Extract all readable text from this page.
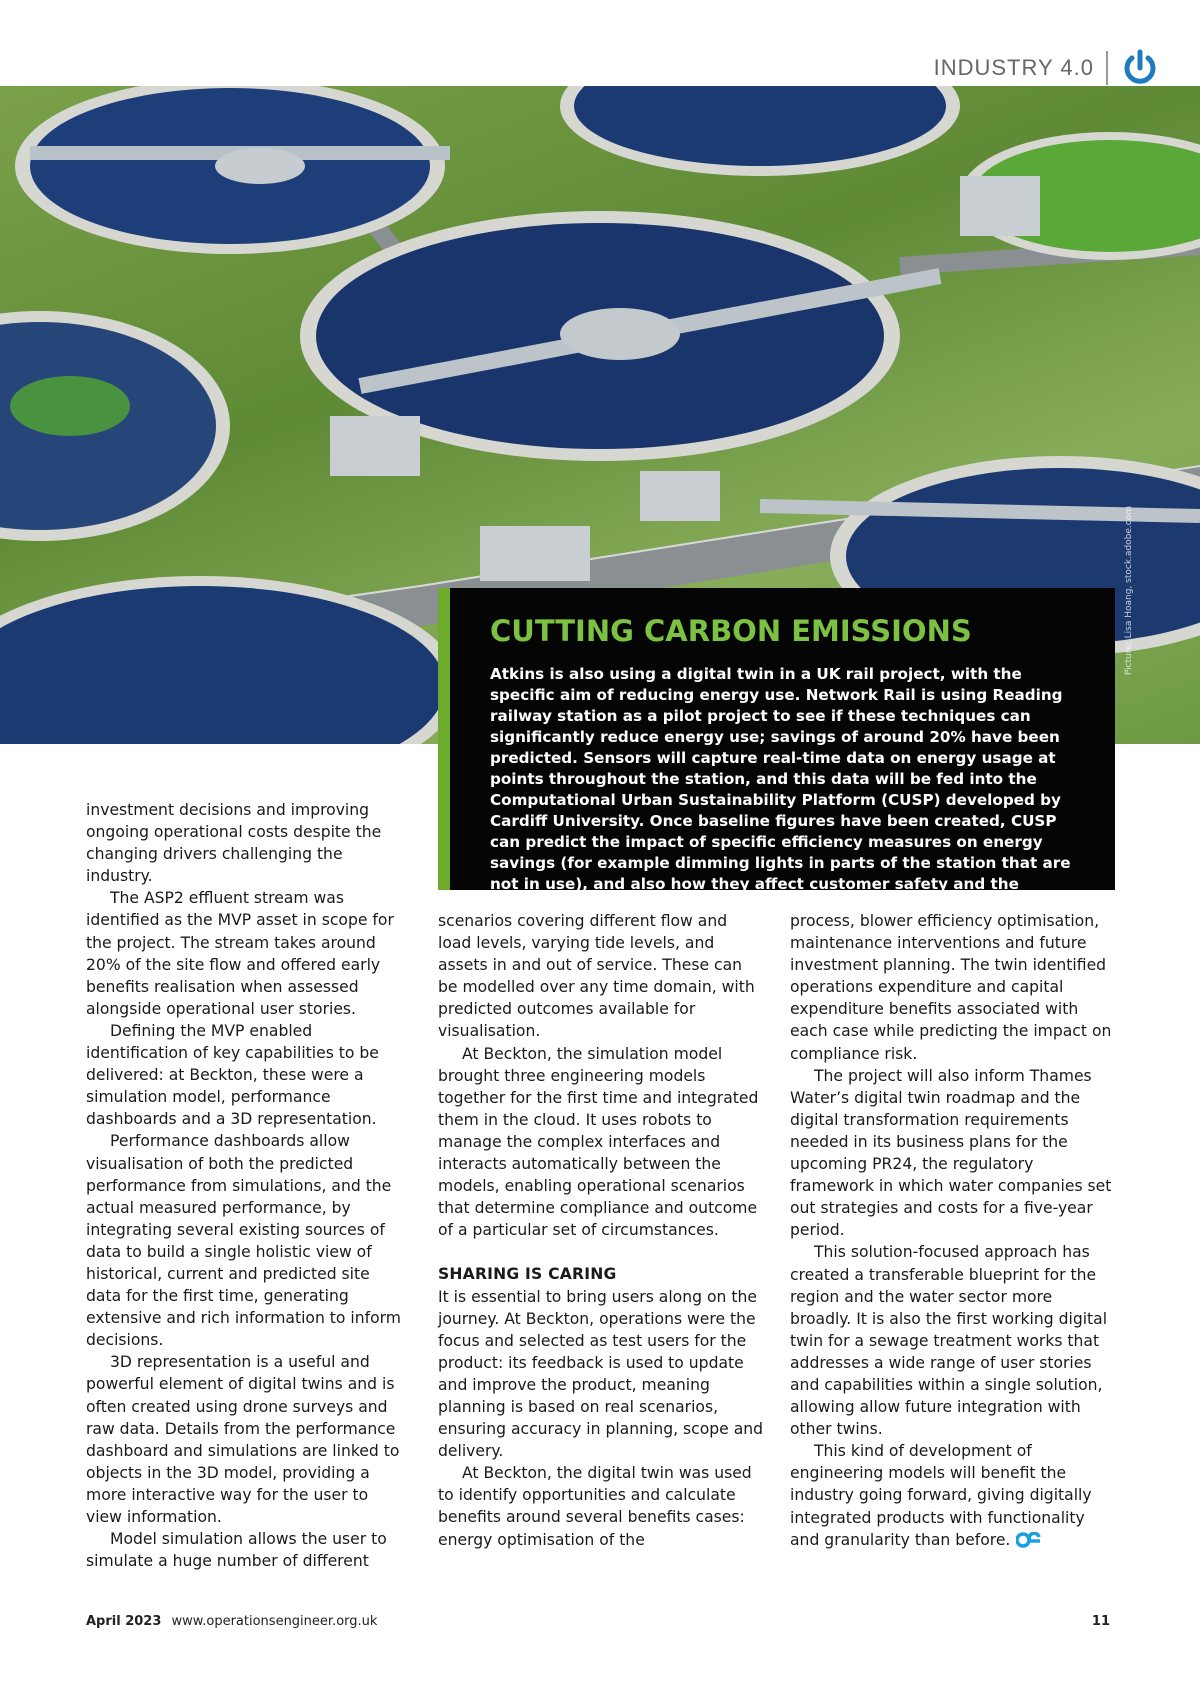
INDUSTRY 4.0
Picture: Lisa Hoang, stock.adobe.com
CUTTING CARBON EMISSIONS

Atkins is also using a digital twin in a UK rail project, with the specific aim of reducing energy use. Network Rail is using Reading railway station as a pilot project to see if these techniques can significantly reduce energy use; savings of around 20% have been predicted. Sensors will capture real-time data on energy usage at points throughout the station, and this data will be fed into the Computational Urban Sustainability Platform (CUSP) developed by Cardiff University. Once baseline figures have been created, CUSP can predict the impact of specific efficiency measures on energy savings (for example dimming lights in parts of the station that are not in use), and also how they affect customer safety and the experience of being in the station.

investment decisions and improving ongoing operational costs despite the changing drivers challenging the industry.

The ASP2 effluent stream was identified as the MVP asset in scope for the project. The stream takes around 20% of the site flow and offered early benefits realisation when assessed alongside operational user stories.

Defining the MVP enabled identification of key capabilities to be delivered: at Beckton, these were a simulation model, performance dashboards and a 3D representation.

Performance dashboards allow visualisation of both the predicted performance from simulations, and the actual measured performance, by integrating several existing sources of data to build a single holistic view of historical, current and predicted site data for the first time, generating extensive and rich information to inform decisions.

3D representation is a useful and powerful element of digital twins and is often created using drone surveys and raw data. Details from the performance dashboard and simulations are linked to objects in the 3D model, providing a more interactive way for the user to view information.

Model simulation allows the user to simulate a huge number of different

scenarios covering different flow and load levels, varying tide levels, and assets in and out of service. These can be modelled over any time domain, with predicted outcomes available for visualisation.

At Beckton, the simulation model brought three engineering models together for the first time and integrated them in the cloud. It uses robots to manage the complex interfaces and interacts automatically between the models, enabling operational scenarios that determine compliance and outcome of a particular set of circumstances.

SHARING IS CARING

It is essential to bring users along on the journey. At Beckton, operations were the focus and selected as test users for the product: its feedback is used to update and improve the product, meaning planning is based on real scenarios, ensuring accuracy in planning, scope and delivery.

At Beckton, the digital twin was used to identify opportunities and calculate benefits around several benefits cases: energy optimisation of the

process, blower efficiency optimisation, maintenance interventions and future investment planning. The twin identified operations expenditure and capital expenditure benefits associated with each case while predicting the impact on compliance risk.

The project will also inform Thames Water’s digital twin roadmap and the digital transformation requirements needed in its business plans for the upcoming PR24, the regulatory framework in which water companies set out strategies and costs for a five-year period.

This solution-focused approach has created a transferable blueprint for the region and the water sector more broadly. It is also the first working digital twin for a sewage treatment works that addresses a wide range of user stories and capabilities within a single solution, allowing allow future integration with other twins.

This kind of development of engineering models will benefit the industry going forward, giving digitally integrated products with functionality and granularity than before.

April 2023 www.operationsengineer.org.uk	11
